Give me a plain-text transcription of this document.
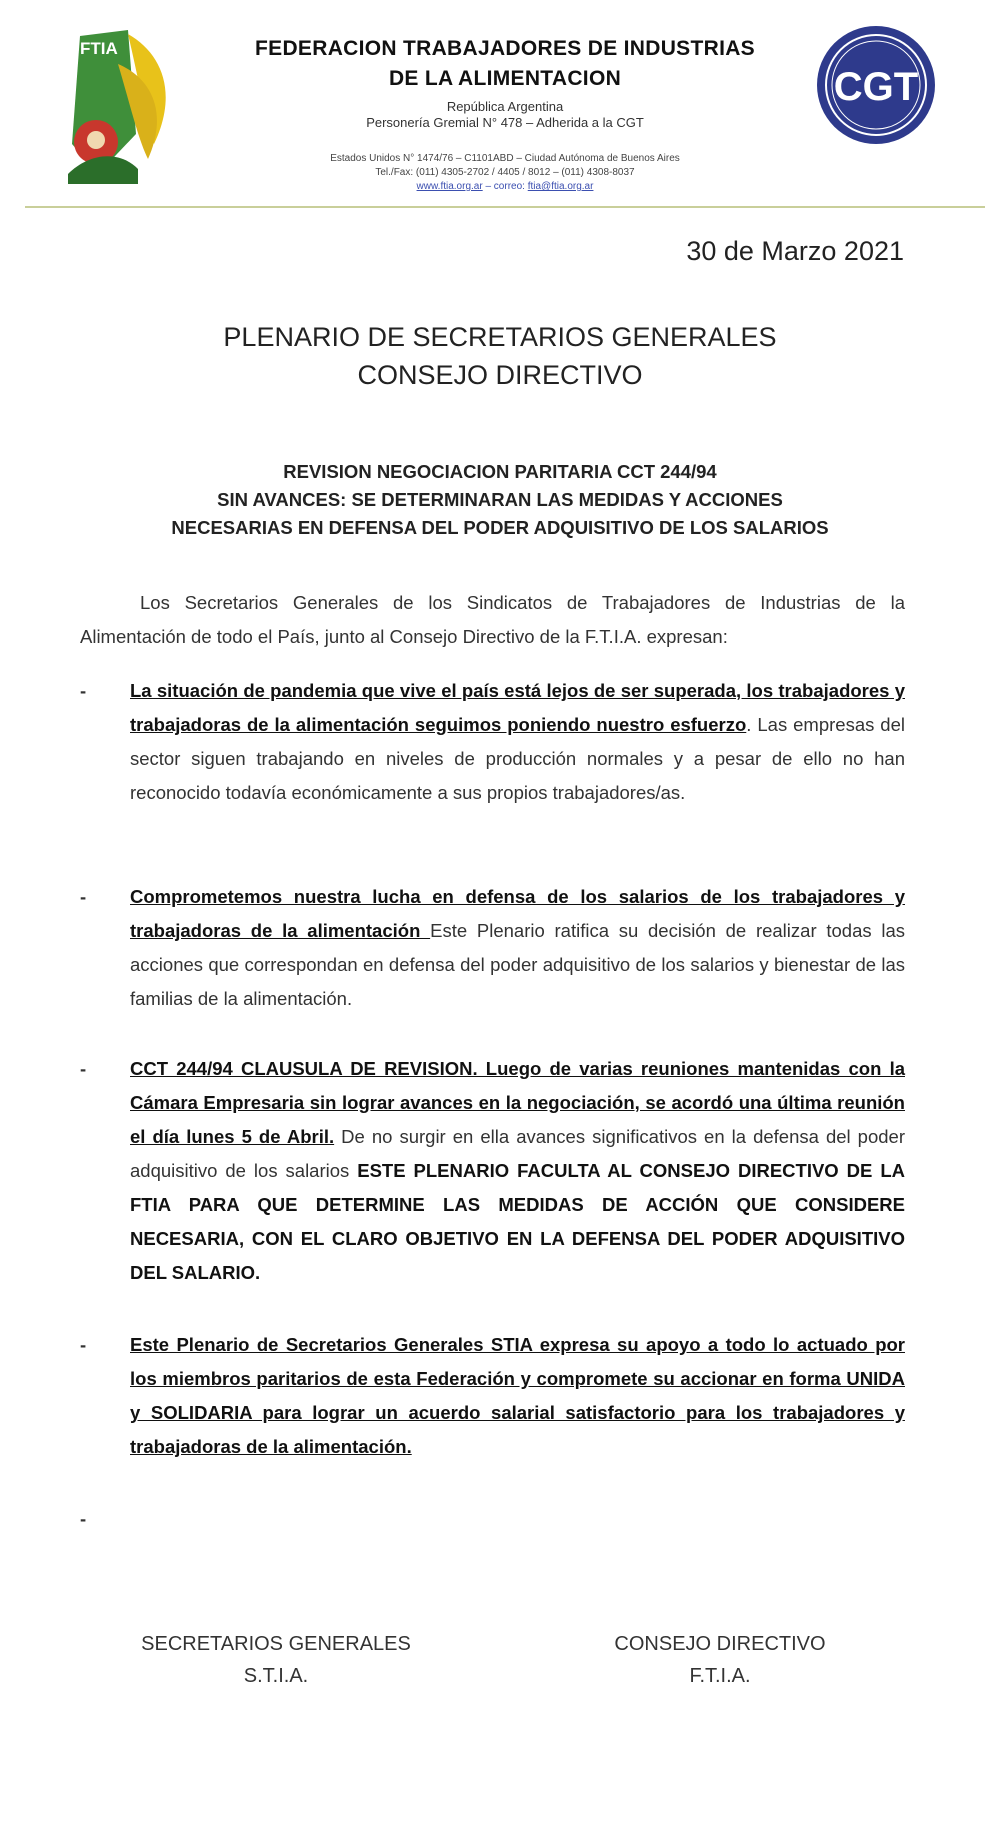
FTIA	FEDERACION TRABAJADORES DE INDUSTRIAS
DE LA ALIMENTACION
República Argentina
Personería Gremial N° 478 – Adherida a la CGT
Estados Unidos N° 1474/76 – C1101ABD – Ciudad Autónoma de Buenos Aires
Tel./Fax: (011) 4305-2702 / 4405 / 8012 – (011) 4308-8037
www.ftia.org.ar – correo: ftia@ftia.org.ar
CGT
30 de Marzo 2021
PLENARIO DE SECRETARIOS GENERALES
CONSEJO DIRECTIVO
REVISION NEGOCIACION PARITARIA CCT 244/94
SIN AVANCES: SE DETERMINARAN LAS MEDIDAS Y ACCIONES
NECESARIAS EN DEFENSA DEL PODER ADQUISITIVO DE LOS SALARIOS

Los Secretarios Generales de los Sindicatos de Trabajadores de Industrias de la Alimentación de todo el País, junto al Consejo Directivo de la F.T.I.A. expresan:

- La situación de pandemia que vive el país está lejos de ser superada, los trabajadores y trabajadoras de la alimentación seguimos poniendo nuestro esfuerzo. Las empresas del sector siguen trabajando en niveles de producción normales y a pesar de ello no han reconocido todavía económicamente a sus propios trabajadores/as.

- Comprometemos nuestra lucha en defensa de los salarios de los trabajadores y trabajadoras de la alimentación Este Plenario ratifica su decisión de realizar todas las acciones que correspondan en defensa del poder adquisitivo de los salarios y bienestar de las familias de la alimentación.

- CCT 244/94 CLAUSULA DE REVISION. Luego de varias reuniones mantenidas con la Cámara Empresaria sin lograr avances en la negociación, se acordó una última reunión el día lunes 5 de Abril. De no surgir en ella avances significativos en la defensa del poder adquisitivo de los salarios ESTE PLENARIO FACULTA AL CONSEJO DIRECTIVO DE LA FTIA PARA QUE DETERMINE LAS MEDIDAS DE ACCIÓN QUE CONSIDERE NECESARIA, CON EL CLARO OBJETIVO EN LA DEFENSA DEL PODER ADQUISITIVO DEL SALARIO.

- Este Plenario de Secretarios Generales STIA expresa su apoyo a todo lo actuado por los miembros paritarios de esta Federación y compromete su accionar en forma UNIDA y SOLIDARIA para lograr un acuerdo salarial satisfactorio para los trabajadores y trabajadoras de la alimentación.

-
SECRETARIOS GENERALES
S.T.I.A.
CONSEJO DIRECTIVO
F.T.I.A.
